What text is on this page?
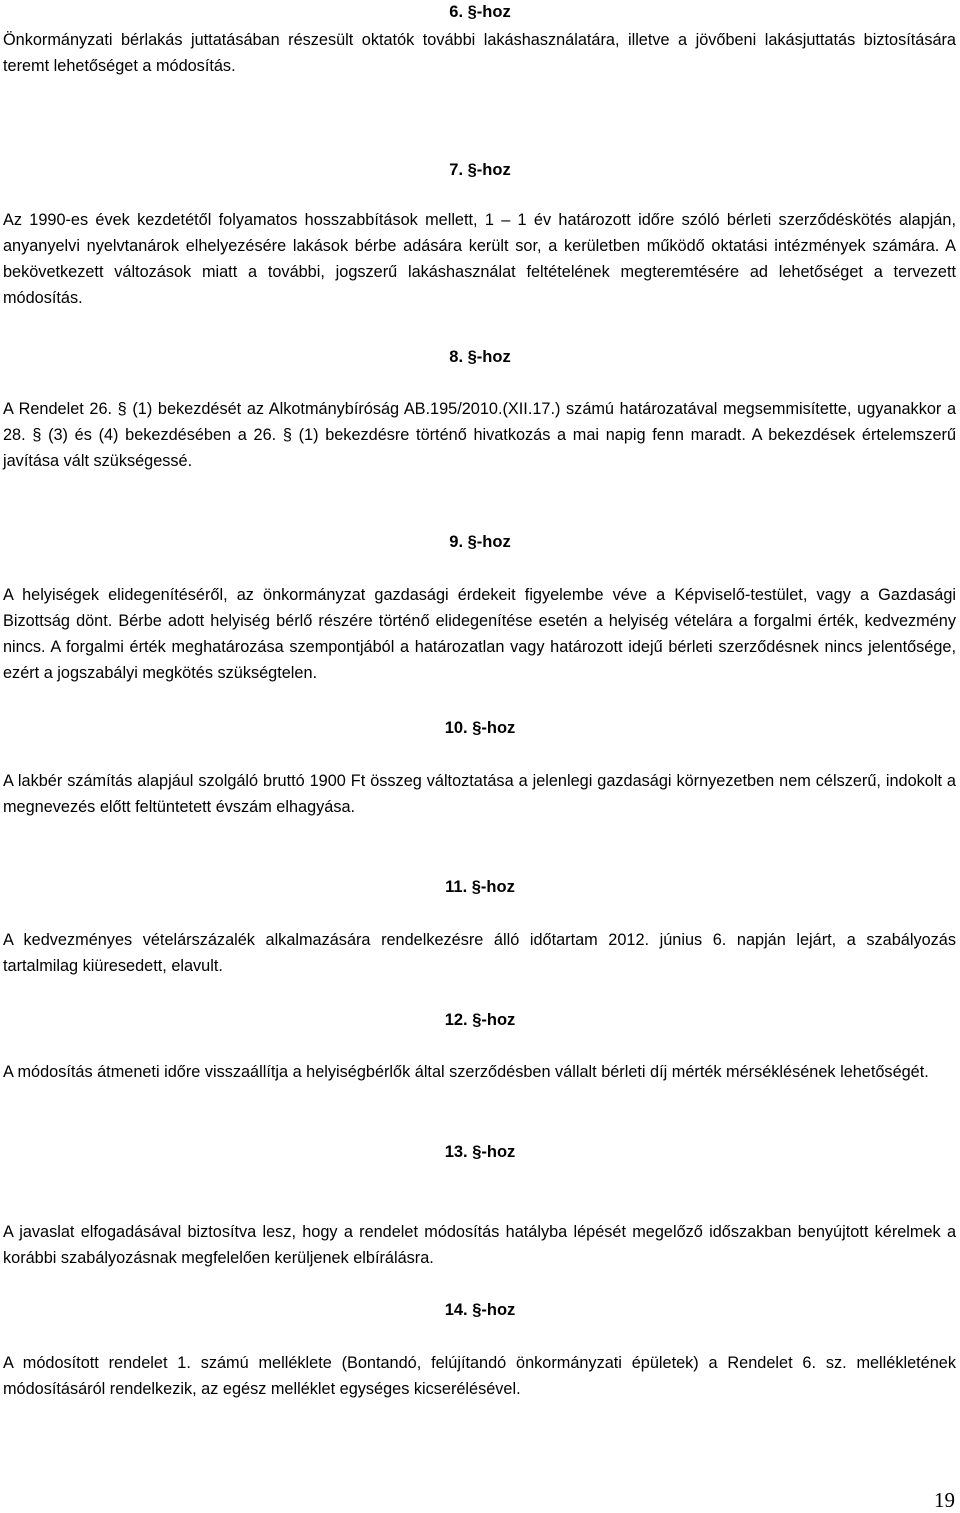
6. §-hoz

Önkormányzati bérlakás juttatásában részesült oktatók további lakáshasználatára, illetve a jövőbeni lakásjuttatás biztosítására teremt lehetőséget a módosítás.

7. §-hoz

Az 1990-es évek kezdetétől folyamatos hosszabbítások mellett, 1 – 1 év határozott időre szóló bérleti szerződéskötés alapján, anyanyelvi nyelvtanárok elhelyezésére lakások bérbe adására került sor, a kerületben működő oktatási intézmények számára. A bekövetkezett változások miatt a további, jogszerű lakáshasználat feltételének megteremtésére ad lehetőséget a tervezett módosítás.

8. §-hoz

A Rendelet 26. § (1) bekezdését az Alkotmánybíróság AB.195/2010.(XII.17.) számú határozatával megsemmisítette, ugyanakkor a 28. § (3) és (4) bekezdésében a 26. § (1) bekezdésre történő hivatkozás a mai napig fenn maradt. A bekezdések értelemszerű javítása vált szükségessé.

9. §-hoz

A helyiségek elidegenítéséről, az önkormányzat gazdasági érdekeit figyelembe véve a Képviselő-testület, vagy a Gazdasági Bizottság dönt. Bérbe adott helyiség bérlő részére történő elidegenítése esetén a helyiség vételára a forgalmi érték, kedvezmény nincs. A forgalmi érték meghatározása szempontjából a határozatlan vagy határozott idejű bérleti szerződésnek nincs jelentősége, ezért a jogszabályi megkötés szükségtelen.

10. §-hoz

A lakbér számítás alapjául szolgáló bruttó 1900 Ft összeg változtatása a jelenlegi gazdasági környezetben nem célszerű, indokolt a megnevezés előtt feltüntetett évszám elhagyása.

11. §-hoz

A kedvezményes vételárszázalék alkalmazására rendelkezésre álló időtartam 2012. június 6. napján lejárt, a szabályozás tartalmilag kiüresedett, elavult.

12. §-hoz

A módosítás átmeneti időre visszaállítja a helyiségbérlők által szerződésben vállalt bérleti díj mérték mérséklésének lehetőségét.

13. §-hoz

A javaslat elfogadásával biztosítva lesz, hogy a rendelet módosítás hatályba lépését megelőző időszakban benyújtott kérelmek a korábbi szabályozásnak megfelelően kerüljenek elbírálásra.

14. §-hoz

A módosított rendelet 1. számú melléklete (Bontandó, felújítandó önkormányzati épületek) a Rendelet 6. sz. mellékletének módosításáról rendelkezik, az egész melléklet egységes kicserélésével.

19
